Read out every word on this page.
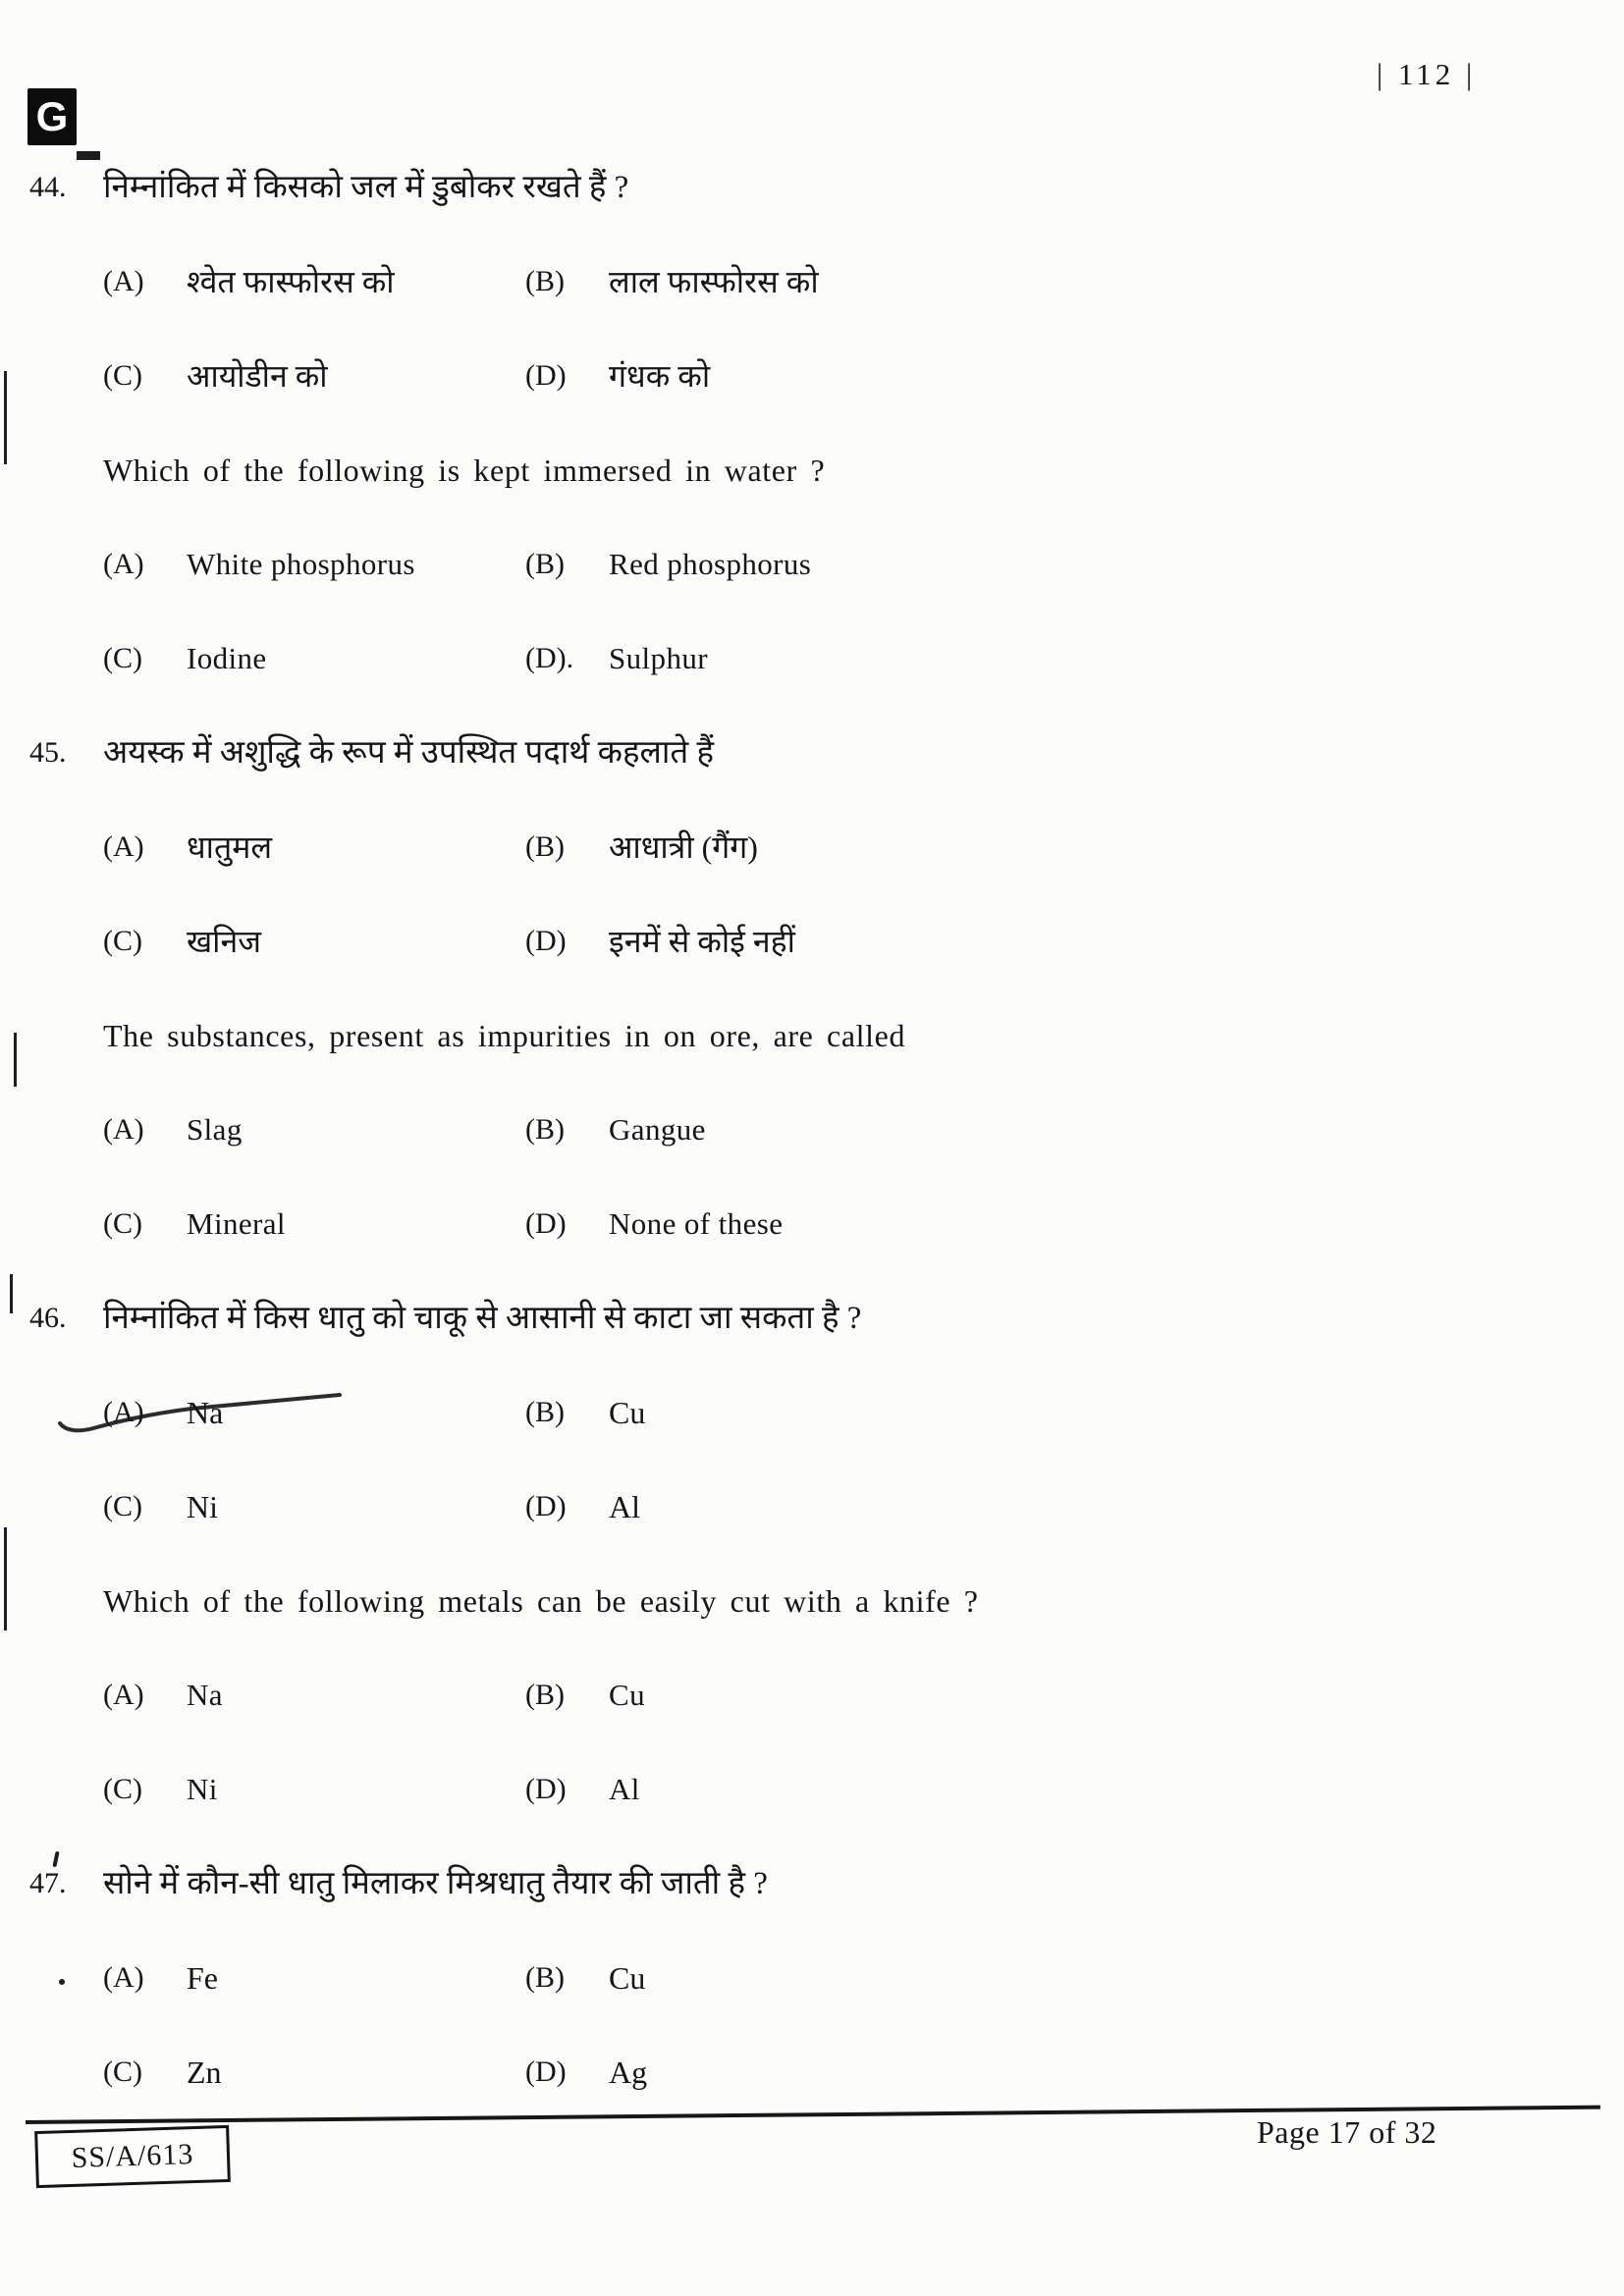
G
| 112 |
44.	निम्नांकित में किसको जल में डुबोकर रखते हैं ?
(A)	श्वेत फास्फोरस को	(B)	लाल फास्फोरस को
(C)	आयोडीन को	(D)	गंधक को
Which of the following is kept immersed in water ?
(A)	White phosphorus	(B)	Red phosphorus
(C)	Iodine	(D).	Sulphur
45.	अयस्क में अशुद्धि के रूप में उपस्थित पदार्थ कहलाते हैं
(A)	धातुमल	(B)	आधात्री (गैंग)
(C)	खनिज	(D)	इनमें से कोई नहीं
The substances, present as impurities in on ore, are called
(A)	Slag	(B)	Gangue
(C)	Mineral	(D)	None of these
46.	निम्नांकित में किस धातु को चाकू से आसानी से काटा जा सकता है ?
(A) Na	(B)	Cu
(C)	Ni	(D)	Al
Which of the following metals can be easily cut with a knife ?
(A)	Na	(B)	Cu
(C)	Ni	(D)	Al
47.	सोने में कौन-सी धातु मिलाकर मिश्रधातु तैयार की जाती है ?
(A)	Fe	(B)	Cu
(C)	Zn	(D)	Ag
SS/A/613
Page 17 of 32
